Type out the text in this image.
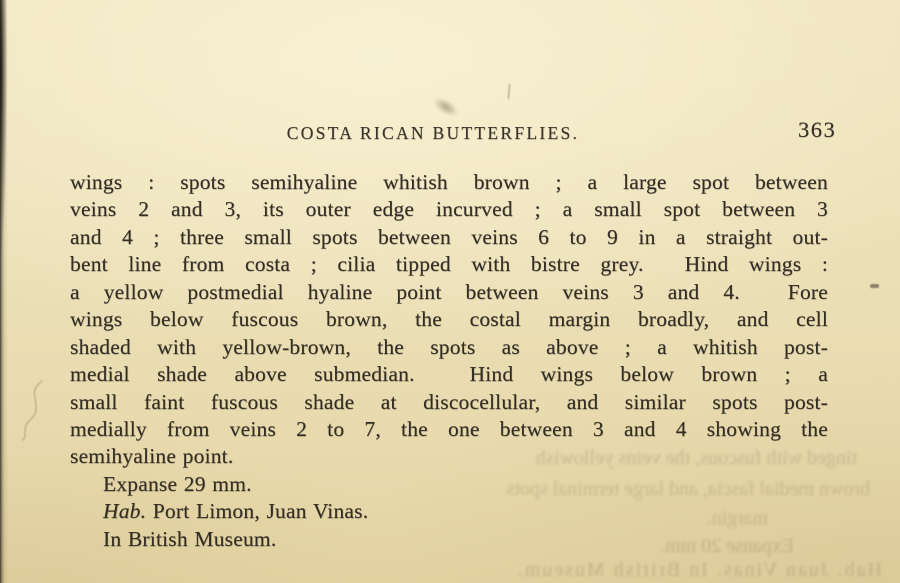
COSTA RICAN BUTTERFLIES.	363
wings : spots semihyaline whitish brown ; a large spot between
veins 2 and 3, its outer edge incurved ; a small spot between 3
and 4 ; three small spots between veins 6 to 9 in a straight out-
bent line from costa ; cilia tipped with bistre grey.  Hind wings :
a yellow postmedial hyaline point between veins 3 and 4.  Fore
wings below fuscous brown, the costal margin broadly, and cell
shaded with yellow-brown, the spots as above ; a whitish post-
medial shade above submedian.  Hind wings below brown ; a
small faint fuscous shade at discocellular, and similar spots post-
medially from veins 2 to 7, the one between 3 and 4 showing the
semihyaline point.
Expanse 29 mm.
Hab. Port Limon, Juan Vinas.
In British Museum.
tinged with fuscous, the veins yellowish
brown medial fascia, and large terminal spots
margin.
Expanse 20 mm.
Hab. Juan Vinas. In British Museum.
